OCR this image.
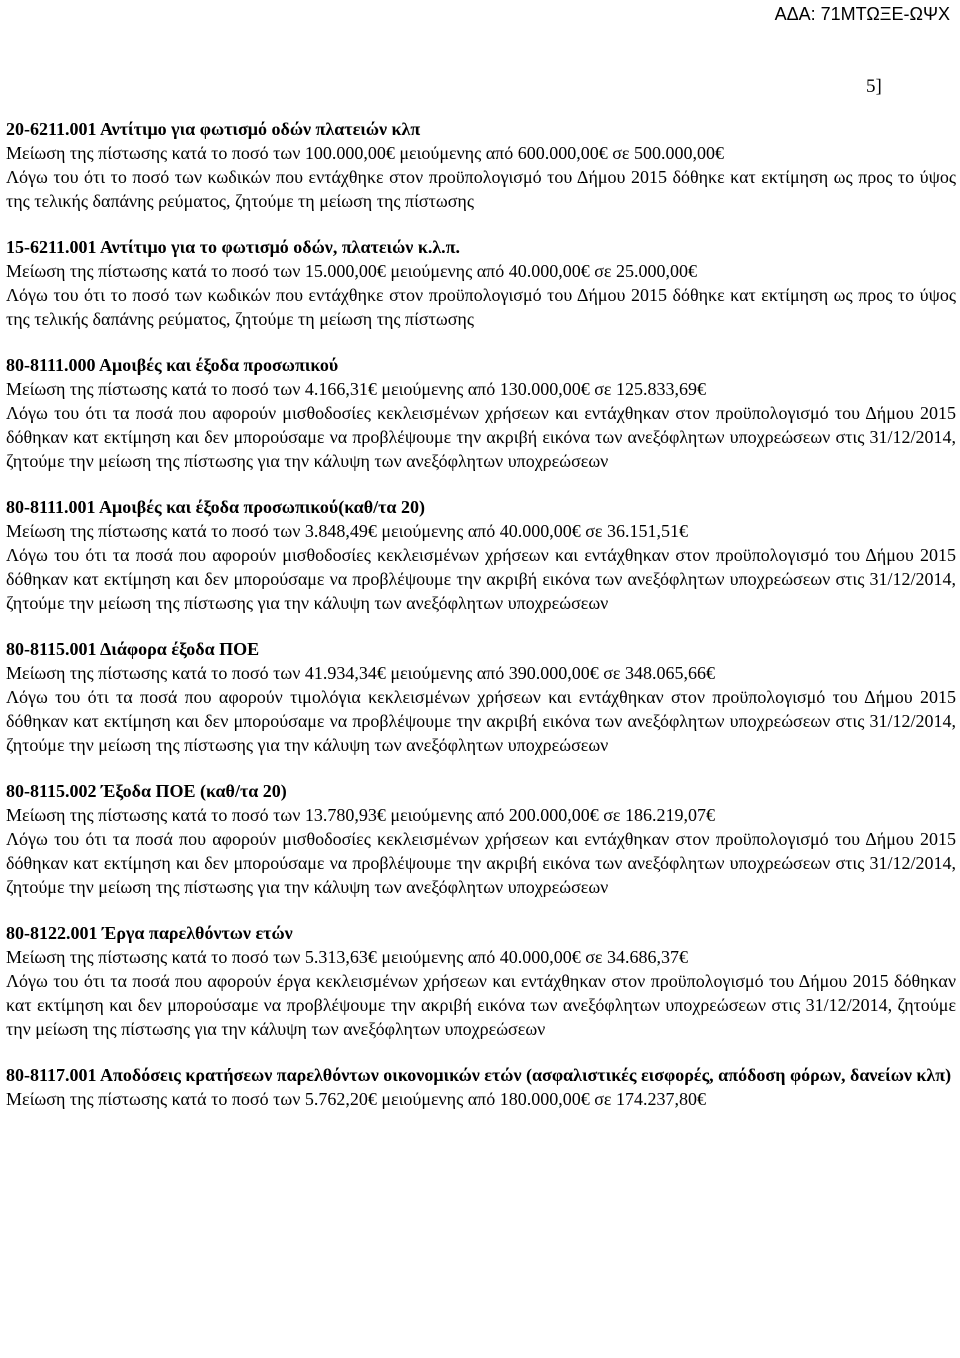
ΑΔΑ: 71ΜΤΩΞΕ-ΩΨΧ
5]
20-6211.001 Αντίτιμο για φωτισμό οδών πλατειών κλπ
Μείωση της πίστωσης κατά το ποσό των 100.000,00€ μειούμενης από 600.000,00€ σε 500.000,00€
Λόγω του ότι το ποσό των κωδικών που εντάχθηκε στον προϋπολογισμό του Δήμου 2015 δόθηκε κατ εκτίμηση ως προς το ύψος της τελικής δαπάνης ρεύματος, ζητούμε τη μείωση της πίστωσης
15-6211.001 Αντίτιμο για το φωτισμό οδών, πλατειών κ.λ.π.
Μείωση της πίστωσης κατά το ποσό των 15.000,00€ μειούμενης από 40.000,00€ σε 25.000,00€
Λόγω του ότι το ποσό των κωδικών που εντάχθηκε στον προϋπολογισμό του Δήμου 2015 δόθηκε κατ εκτίμηση ως προς το ύψος της τελικής δαπάνης ρεύματος, ζητούμε τη μείωση της πίστωσης
80-8111.000 Αμοιβές και έξοδα προσωπικού
Μείωση της πίστωσης κατά το ποσό των 4.166,31€ μειούμενης από 130.000,00€ σε 125.833,69€
Λόγω του ότι τα ποσά που αφορούν μισθοδοσίες κεκλεισμένων χρήσεων και εντάχθηκαν στον προϋπολογισμό του Δήμου 2015 δόθηκαν κατ εκτίμηση και δεν μπορούσαμε να προβλέψουμε την ακριβή εικόνα των ανεξόφλητων υποχρεώσεων στις 31/12/2014, ζητούμε την μείωση της πίστωσης για την κάλυψη των ανεξόφλητων υποχρεώσεων
80-8111.001 Αμοιβές και έξοδα προσωπικού(καθ/τα 20)
Μείωση της πίστωσης κατά το ποσό των 3.848,49€ μειούμενης από 40.000,00€ σε 36.151,51€
Λόγω του ότι τα ποσά που αφορούν μισθοδοσίες κεκλεισμένων χρήσεων και εντάχθηκαν στον προϋπολογισμό του Δήμου 2015 δόθηκαν κατ εκτίμηση και δεν μπορούσαμε να προβλέψουμε την ακριβή εικόνα των ανεξόφλητων υποχρεώσεων στις 31/12/2014, ζητούμε την μείωση της πίστωσης για την κάλυψη των ανεξόφλητων υποχρεώσεων
80-8115.001 Διάφορα έξοδα ΠΟΕ
Μείωση της πίστωσης κατά το ποσό των 41.934,34€ μειούμενης από 390.000,00€ σε 348.065,66€
Λόγω του ότι τα ποσά που αφορούν τιμολόγια κεκλεισμένων χρήσεων και εντάχθηκαν στον προϋπολογισμό του Δήμου 2015 δόθηκαν κατ εκτίμηση και δεν μπορούσαμε να προβλέψουμε την ακριβή εικόνα των ανεξόφλητων υποχρεώσεων στις 31/12/2014, ζητούμε την μείωση της πίστωσης για την κάλυψη των ανεξόφλητων υποχρεώσεων
80-8115.002 Έξοδα ΠΟΕ (καθ/τα 20)
Μείωση της πίστωσης κατά το ποσό των 13.780,93€ μειούμενης από 200.000,00€ σε 186.219,07€
Λόγω του ότι τα ποσά που αφορούν μισθοδοσίες κεκλεισμένων χρήσεων και εντάχθηκαν στον προϋπολογισμό του Δήμου 2015 δόθηκαν κατ εκτίμηση και δεν μπορούσαμε να προβλέψουμε την ακριβή εικόνα των ανεξόφλητων υποχρεώσεων στις 31/12/2014, ζητούμε την μείωση της πίστωσης για την κάλυψη των ανεξόφλητων υποχρεώσεων
80-8122.001 Έργα παρελθόντων ετών
Μείωση της πίστωσης κατά το ποσό των 5.313,63€ μειούμενης από 40.000,00€ σε 34.686,37€
Λόγω του ότι τα ποσά που αφορούν έργα κεκλεισμένων χρήσεων και εντάχθηκαν στον προϋπολογισμό του Δήμου 2015 δόθηκαν κατ εκτίμηση και δεν μπορούσαμε να προβλέψουμε την ακριβή εικόνα των ανεξόφλητων υποχρεώσεων στις 31/12/2014, ζητούμε την μείωση της πίστωσης για την κάλυψη των ανεξόφλητων υποχρεώσεων
80-8117.001 Αποδόσεις κρατήσεων παρελθόντων οικονομικών ετών (ασφαλιστικές εισφορές, απόδοση φόρων, δανείων κλπ)
Μείωση της πίστωσης κατά το ποσό των 5.762,20€ μειούμενης από 180.000,00€ σε 174.237,80€
